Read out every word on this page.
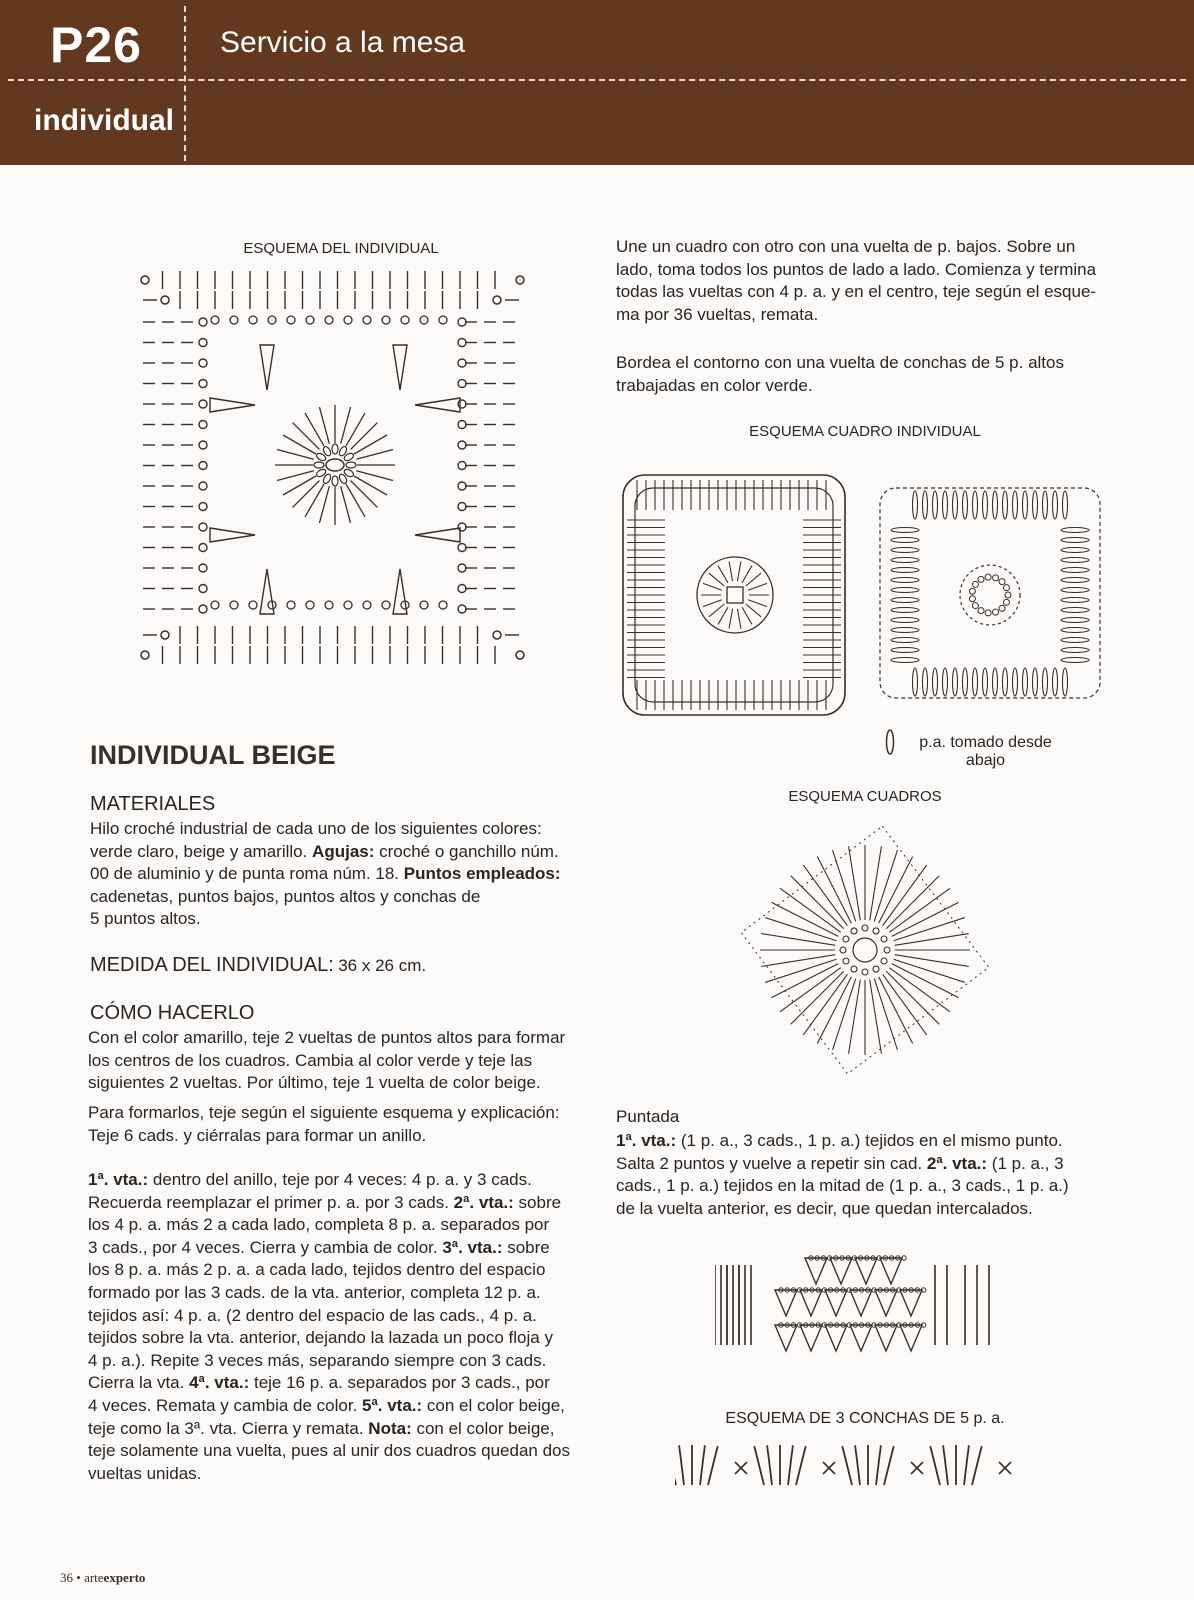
P26	Servicio a la mesa
individual
ESQUEMA DEL INDIVIDUAL
INDIVIDUAL BEIGE
MATERIALES
Hilo croché industrial de cada uno de los siguientes colores:
verde claro, beige y amarillo. Agujas: croché o ganchillo núm.
00 de aluminio y de punta roma núm. 18. Puntos empleados:
cadenetas, puntos bajos, puntos altos y conchas de
5 puntos altos.
MEDIDA DEL INDIVIDUAL: 36 x 26 cm.
CÓMO HACERLO
Con el color amarillo, teje 2 vueltas de puntos altos para formar
los centros de los cuadros. Cambia al color verde y teje las
siguientes 2 vueltas. Por último, teje 1 vuelta de color beige.
Para formarlos, teje según el siguiente esquema y explicación:
Teje 6 cads. y ciérralas para formar un anillo.
1ª. vta.: dentro del anillo, teje por 4 veces: 4 p. a. y 3 cads.
Recuerda reemplazar el primer p. a. por 3 cads. 2ª. vta.: sobre
los 4 p. a. más 2 a cada lado, completa 8 p. a. separados por
3 cads., por 4 veces. Cierra y cambia de color. 3ª. vta.: sobre
los 8 p. a. más 2 p. a. a cada lado, tejidos dentro del espacio
formado por las 3 cads. de la vta. anterior, completa 12 p. a.
tejidos así: 4 p. a. (2 dentro del espacio de las cads., 4 p. a.
tejidos sobre la vta. anterior, dejando la lazada un poco floja y
4 p. a.). Repite 3 veces más, separando siempre con 3 cads.
Cierra la vta. 4ª. vta.: teje 16 p. a. separados por 3 cads., por
4 veces. Remata y cambia de color. 5ª. vta.: con el color beige,
teje como la 3ª. vta. Cierra y remata. Nota: con el color beige,
teje solamente una vuelta, pues al unir dos cuadros quedan dos
vueltas unidas.
Une un cuadro con otro con una vuelta de p. bajos. Sobre un
lado, toma todos los puntos de lado a lado. Comienza y termina
todas las vueltas con 4 p. a. y en el centro, teje según el esque-
ma por 36 vueltas, remata.
Bordea el contorno con una vuelta de conchas de 5 p. altos
trabajadas en color verde.
ESQUEMA CUADRO INDIVIDUAL
p.a. tomado desde abajo
ESQUEMA CUADROS
Puntada
1ª. vta.: (1 p. a., 3 cads., 1 p. a.) tejidos en el mismo punto.
Salta 2 puntos y vuelve a repetir sin cad. 2ª. vta.: (1 p. a., 3
cads., 1 p. a.) tejidos en la mitad de (1 p. a., 3 cads., 1 p. a.)
de la vuelta anterior, es decir, que quedan intercalados.
ESQUEMA DE 3 CONCHAS DE 5 p. a.
36 • arteexperto
